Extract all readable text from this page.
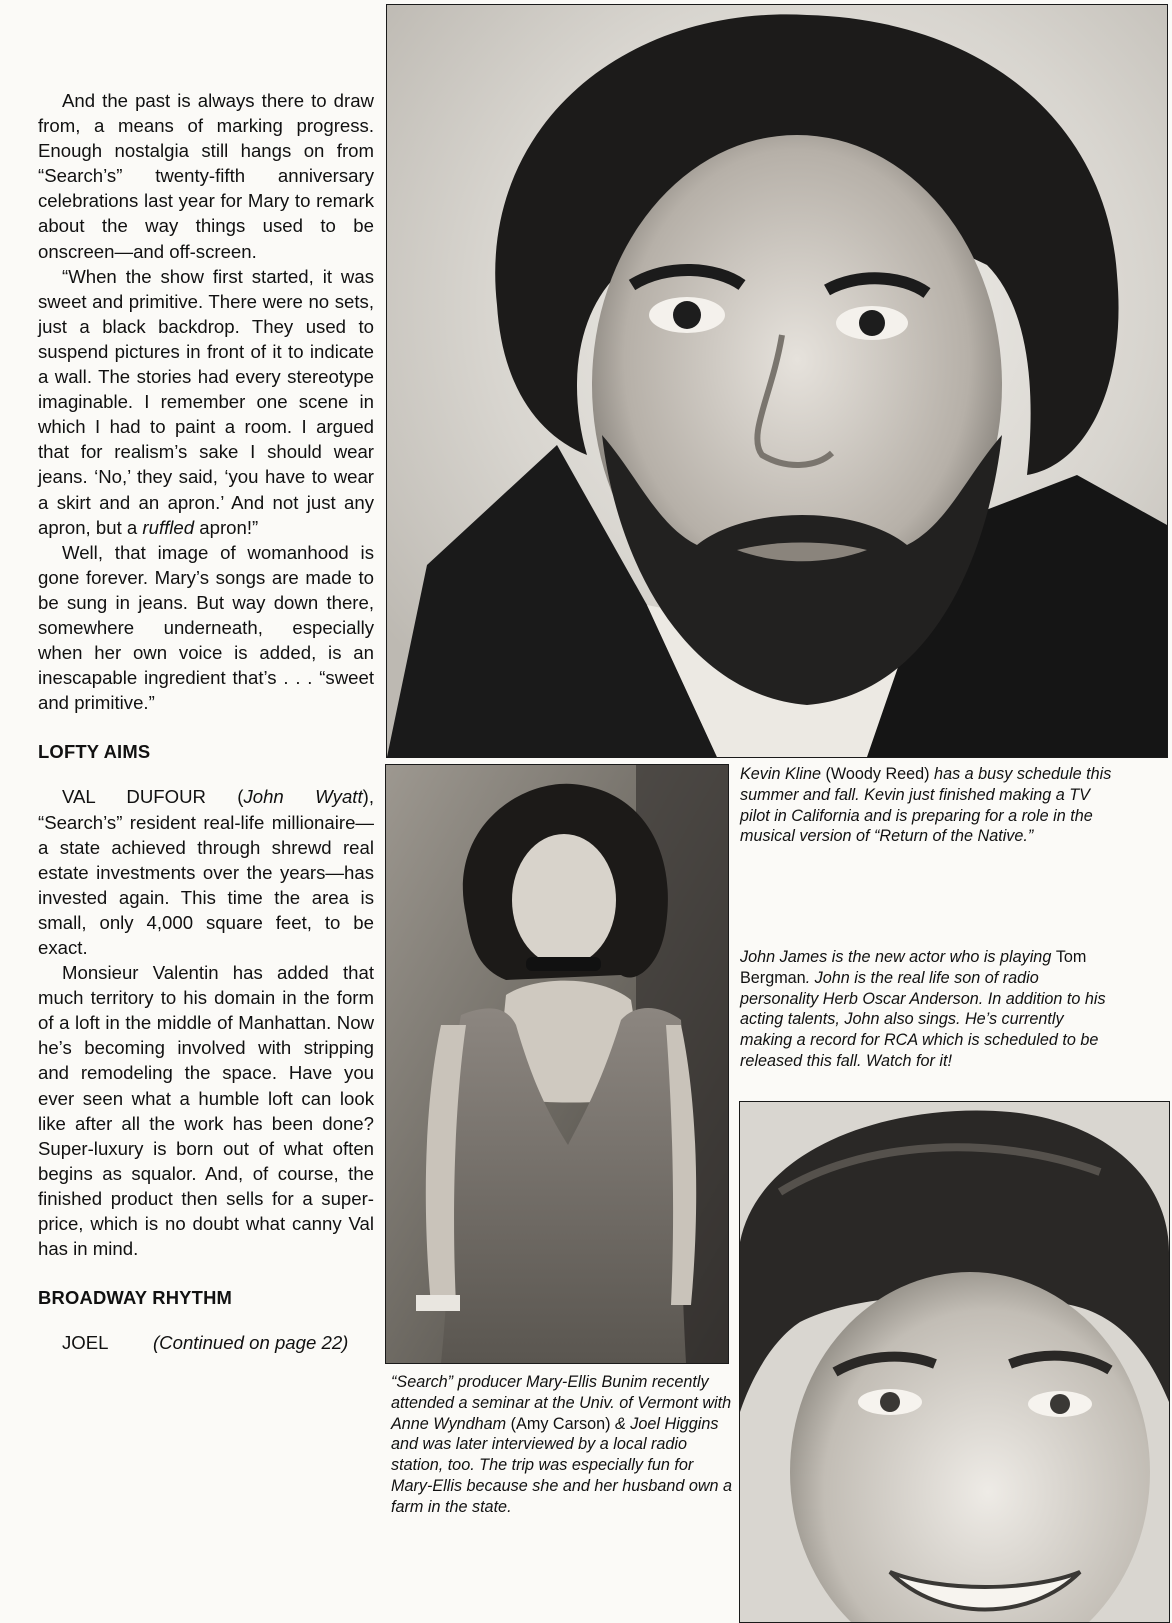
And the past is always there to draw from, a means of marking progress. Enough nostalgia still hangs on from “Search’s” twenty-fifth anniversary celebrations last year for Mary to remark about the way things used to be onscreen—and off-screen.

“When the show first started, it was sweet and primitive. There were no sets, just a black backdrop. They used to suspend pictures in front of it to indicate a wall. The stories had every stereotype imaginable. I remember one scene in which I had to paint a room. I argued that for realism’s sake I should wear jeans. ‘No,’ they said, ‘you have to wear a skirt and an apron.’ And not just any apron, but a ruffled apron!”

Well, that image of womanhood is gone forever. Mary’s songs are made to be sung in jeans. But way down there, somewhere underneath, especially when her own voice is added, is an inescapable ingredient that’s . . . “sweet and primitive.”

LOFTY AIMS

VAL DUFOUR (John Wyatt), “Search’s” resident real-life millionaire—a state achieved through shrewd real estate investments over the years—has invested again. This time the area is small, only 4,000 square feet, to be exact.

Monsieur Valentin has added that much territory to his domain in the form of a loft in the middle of Manhattan. Now he’s becoming involved with stripping and remodeling the space. Have you ever seen what a humble loft can look like after all the work has been done? Super-luxury is born out of what often begins as squalor. And, of course, the finished product then sells for a super-price, which is no doubt what canny Val has in mind.

BROADWAY RHYTHM
JOEL (Continued on page 22)
Kevin Kline (Woody Reed) has a busy schedule this summer and fall. Kevin just finished making a TV pilot in California and is preparing for a role in the musical version of “Return of the Native.”
John James is the new actor who is playing Tom Bergman. John is the real life son of radio personality Herb Oscar Anderson. In addition to his acting talents, John also sings. He’s currently making a record for RCA which is scheduled to be released this fall. Watch for it!
“Search” producer Mary-Ellis Bunim recently attended a seminar at the Univ. of Vermont with Anne Wyndham (Amy Carson) & Joel Higgins and was later interviewed by a local radio station, too. The trip was especially fun for Mary-Ellis because she and her husband own a farm in the state.
